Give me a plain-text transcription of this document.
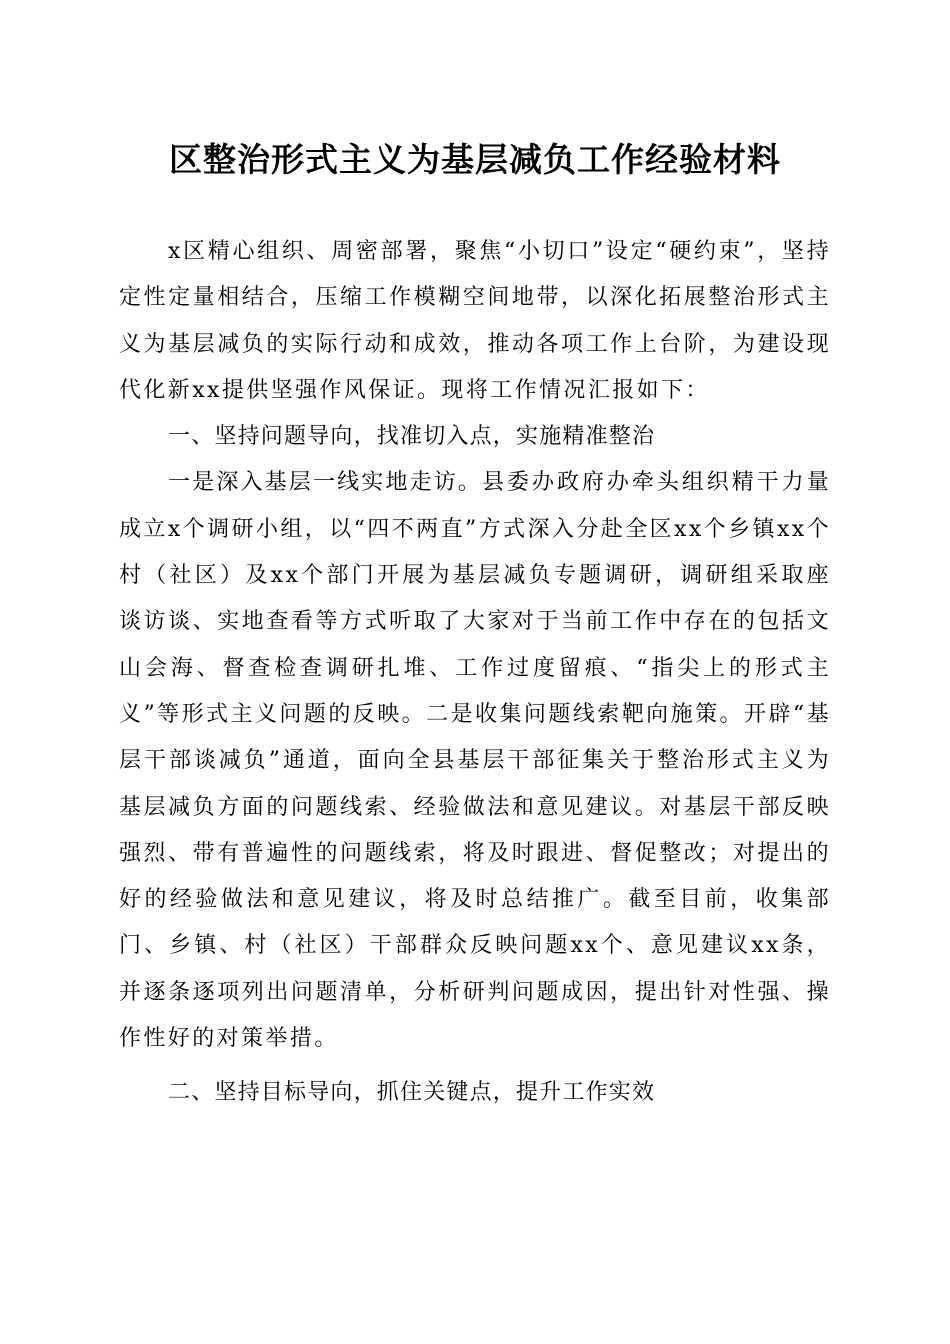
区整治形式主义为基层减负工作经验材料

x区精心组织、周密部署，聚焦“小切口”设定“硬约束”，坚持定性定量相结合，压缩工作模糊空间地带，以深化拓展整治形式主义为基层减负的实际行动和成效，推动各项工作上台阶，为建设现代化新xx提供坚强作风保证。现将工作情况汇报如下：

一、坚持问题导向，找准切入点，实施精准整治

一是深入基层一线实地走访。县委办政府办牵头组织精干力量成立x个调研小组，以“四不两直”方式深入分赴全区xx个乡镇xx个村（社区）及xx个部门开展为基层减负专题调研，调研组采取座谈访谈、实地查看等方式听取了大家对于当前工作中存在的包括文山会海、督查检查调研扎堆、工作过度留痕、“指尖上的形式主义”等形式主义问题的反映。二是收集问题线索靶向施策。开辟“基层干部谈减负”通道，面向全县基层干部征集关于整治形式主义为基层减负方面的问题线索、经验做法和意见建议。对基层干部反映强烈、带有普遍性的问题线索，将及时跟进、督促整改；对提出的好的经验做法和意见建议，将及时总结推广。截至目前，收集部门、乡镇、村（社区）干部群众反映问题xx个、意见建议xx条，并逐条逐项列出问题清单，分析研判问题成因，提出针对性强、操作性好的对策举措。

二、坚持目标导向，抓住关键点，提升工作实效
